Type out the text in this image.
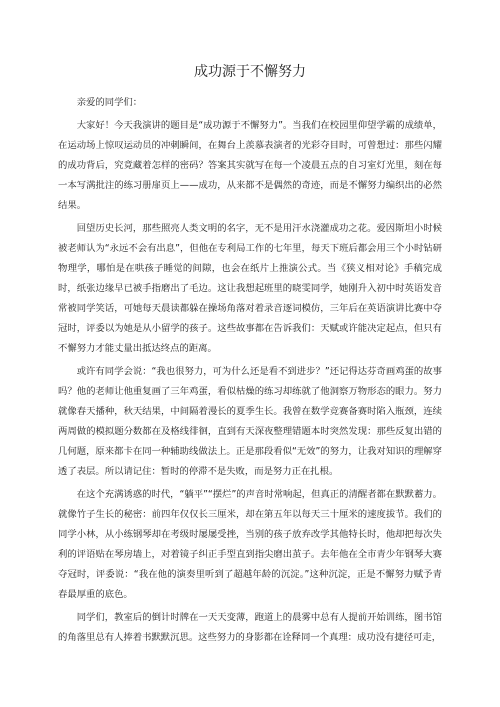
成功源于不懈努力

亲爱的同学们：

大家好！今天我演讲的题目是“成功源于不懈努力”。当我们在校园里仰望学霸的成绩单，在运动场上惊叹运动员的冲刺瞬间，在舞台上羡慕表演者的光彩夺目时，可曾想过：那些闪耀的成功背后，究竟藏着怎样的密码？答案其实就写在每一个凌晨五点的自习室灯光里，刻在每一本写满批注的练习册扉页上——成功，从来都不是偶然的奇迹，而是不懈努力编织出的必然结果。

回望历史长河，那些照亮人类文明的名字，无不是用汗水浇灌成功之花。爱因斯坦小时候被老师认为“永远不会有出息”，但他在专利局工作的七年里，每天下班后都会用三个小时钻研物理学，哪怕是在哄孩子睡觉的间隙，也会在纸片上推演公式。当《狭义相对论》手稿完成时，纸张边缘早已被手指磨出了毛边。这让我想起班里的晓雯同学，她刚升入初中时英语发音常被同学笑话，可她每天晨读都躲在操场角落对着录音逐词模仿，三年后在英语演讲比赛中夺冠时，评委以为她是从小留学的孩子。这些故事都在告诉我们：天赋或许能决定起点，但只有不懈努力才能丈量出抵达终点的距离。

或许有同学会说：“我也很努力，可为什么还是看不到进步？”还记得达芬奇画鸡蛋的故事吗？他的老师让他重复画了三年鸡蛋，看似枯燥的练习却练就了他洞察万物形态的眼力。努力就像春天播种，秋天结果，中间隔着漫长的夏季生长。我曾在数学竞赛备赛时陷入瓶颈，连续两周做的模拟题分数都在及格线徘徊，直到有天深夜整理错题本时突然发现：那些反复出错的几何题，原来都卡在同一种辅助线做法上。正是那段看似“无效”的努力，让我对知识的理解穿透了表层。所以请记住：暂时的停滞不是失败，而是努力正在扎根。

在这个充满诱惑的时代，“躺平”“摆烂”的声音时常响起，但真正的清醒者都在默默蓄力。就像竹子生长的秘密：前四年仅仅长三厘米，却在第五年以每天三十厘米的速度拔节。我们的同学小林，从小练钢琴却在考级时屡屡受挫，当别的孩子放弃改学其他特长时，他却把每次失利的评语贴在琴房墙上，对着镜子纠正手型直到指尖磨出茧子。去年他在全市青少年钢琴大赛夺冠时，评委说：“我在他的演奏里听到了超越年龄的沉淀。”这种沉淀，正是不懈努力赋予青春最厚重的底色。

同学们，教室后的倒计时牌在一天天变薄，跑道上的晨雾中总有人提前开始训练，图书馆的角落里总有人捧着书默默沉思。这些努力的身影都在诠释同一个真理：成功没有捷径可走，
